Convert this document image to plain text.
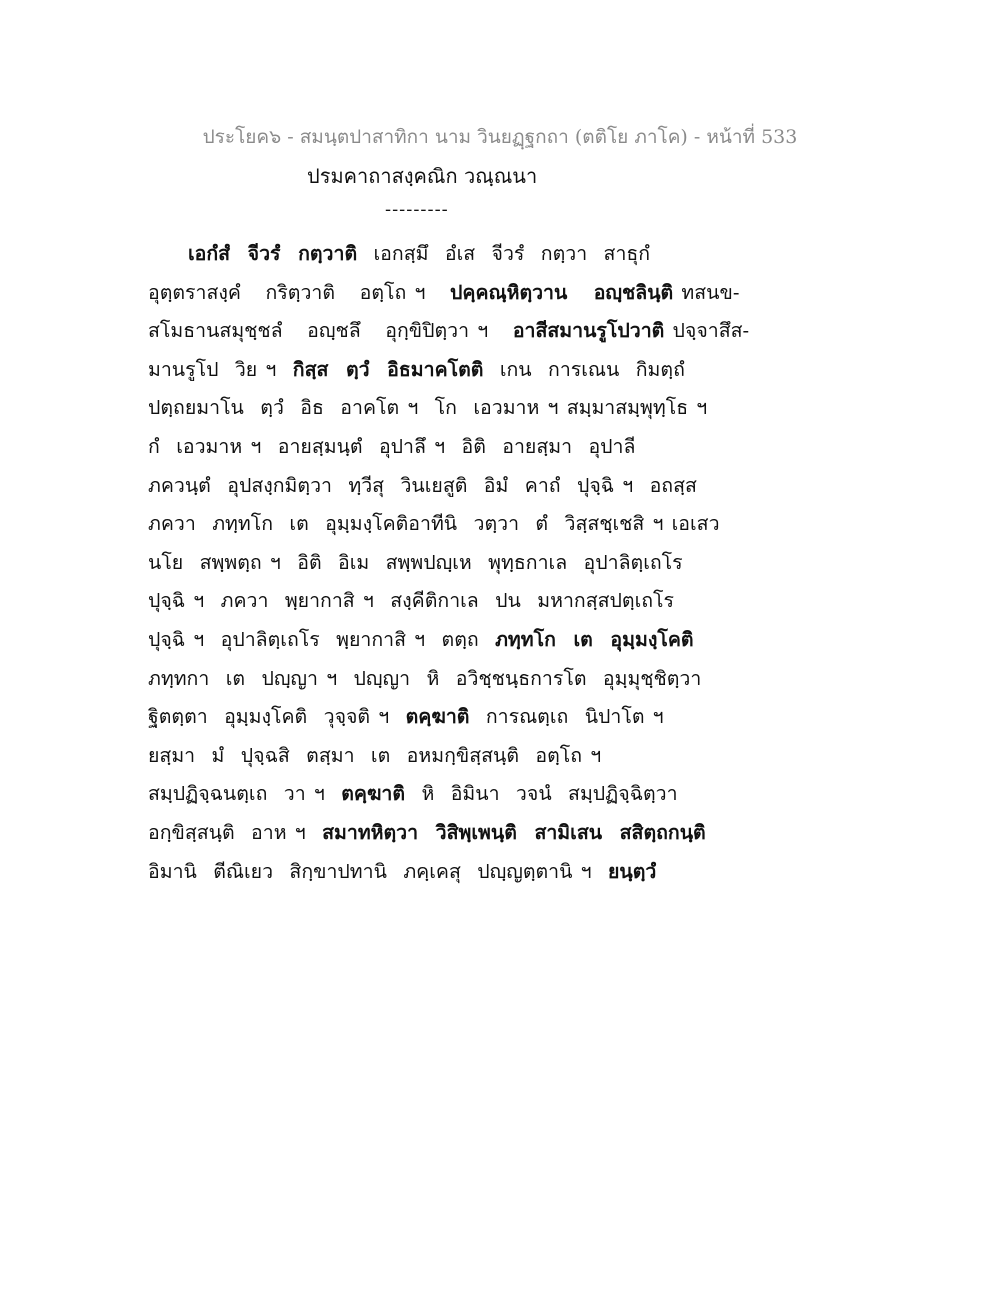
ประโยค๖ - สมนฺตปาสาทิกา นาม วินยฏฺฐกถา (ตติโย ภาโค) - หน้าที่ 533
ปรมคาถาสงฺคณิก วณฺณนา
---------
เอกํสํ  จีวรํ  กตฺวาติ  เอกสฺมึ  อํเส  จีวรํ  กตฺวา  สาธุกํ
อุตฺตราสงฺคํ   กริตฺวาติ   อตฺโถ ฯ   ปคฺคณฺหิตฺวาน   อญฺชลินฺติ ทสนข-
สโมธานสมุชฺชลํ   อญฺชลึ   อุกฺขิปิตฺวา ฯ   อาสีสมานรูโปวาติ ปจฺจาสึส-
มานรูโป  วิย ฯ  กิสฺส  ตฺวํ  อิธมาคโตติ  เกน  การเณน  กิมตฺถํ
ปตฺถยมาโน  ตฺวํ  อิธ  อาคโต ฯ  โก  เอวมาห ฯ สมฺมาสมฺพุทฺโธ ฯ
กํ  เอวมาห ฯ  อายสฺมนฺตํ  อุปาลึ ฯ  อิติ  อายสฺมา  อุปาลี
ภควนฺตํ  อุปสงฺกมิตฺวา  ทฺวีสุ  วินเยสูติ  อิมํ  คาถํ  ปุจฺฉิ ฯ  อถสฺส
ภควา  ภทฺทโก  เต  อุมฺมงฺโคติอาทีนิ  วตฺวา  ตํ  วิสฺสชฺเชสิ ฯ เอเสว
นโย  สพฺพตฺถ ฯ  อิติ  อิเม  สพฺพปญฺเห  พุทฺธกาเล  อุปาลิตฺเถโร
ปุจฺฉิ ฯ  ภควา  พฺยากาสิ ฯ  สงฺคีติกาเล  ปน  มหากสฺสปตฺเถโร
ปุจฺฉิ ฯ  อุปาลิตฺเถโร  พฺยากาสิ ฯ  ตตฺถ  ภทฺทโก  เต  อุมฺมงฺโคติ
ภทฺทกา  เต  ปญฺญา ฯ  ปญฺญา  หิ  อวิชฺชนฺธการโต  อุมฺมุชฺชิตฺวา
ฐิตตฺตา  อุมฺมงฺโคติ  วุจฺจติ ฯ  ตคฺฆาติ  การณตฺเถ  นิปาโต ฯ
ยสฺมา  มํ  ปุจฺฉสิ  ตสฺมา  เต  อหมกฺขิสฺสนฺติ  อตฺโถ ฯ
สมฺปฏิจฺฉนตฺเถ  วา ฯ  ตคฺฆาติ  หิ  อิมินา  วจนํ  สมฺปฏิจฺฉิตฺวา
อกฺขิสฺสนฺติ  อาห ฯ  สมาทหิตฺวา  วิสิพฺเพนฺติ  สามิเสน  สสิตฺถกนฺติ
อิมานิ  ตีณิเยว  สิกฺขาปทานิ  ภคฺเคสุ  ปญฺญตฺตานิ ฯ  ยนฺตฺวํ
